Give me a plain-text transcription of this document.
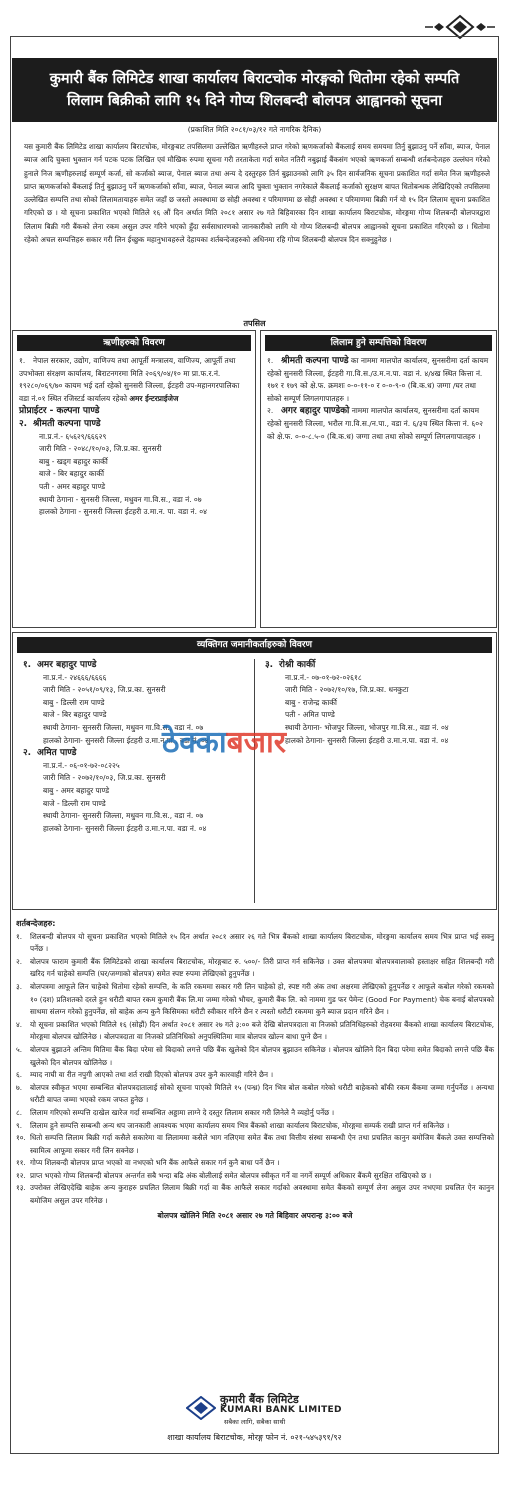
कुमारी बैंक लिमिटेड शाखा कार्यालय बिराटचोक मोरङ्गको धितोमा रहेको सम्पति
लिलाम बिक्रीको लागि १५ दिने गोप्य शिलबन्दी बोलपत्र आह्वानको सूचना
(प्रकाशित मिति २०८१/०३/१२ गते नागरिक दैनिक)
यस कुमारी बैंक लिमिटेड शाखा कार्यालय बिराटचोक, मोरङ्गबाट तपसिलमा उल्लेखित ऋणीहरुले प्राप्त गरेको ऋणकर्जाको बैंकलाई समय समयमा तिर्नु बुझाउनु पर्ने साँवा, ब्याज, पेनाल ब्याज आदि चुक्ता भुक्तान गर्न पटक पटक लिखित एवं मौखिक रुपमा सूचना गरी तरताकेता गर्दा समेत नतिरी नबुझाई बैंकसंग भएको ऋणकर्जा सम्बन्धी शर्तबन्देजहरु उल्लंघन गरेको हुनाले निज ऋणीहरुलाई सम्पूर्ण कर्जा, सो कर्जाको ब्याज, पेनाल ब्याज तथा अन्य दे दस्तुरहरु तिर्न बुझाउनको लागि ३५ दिन सार्वजनिक सूचना प्रकाशित गर्दा समेत निज ऋणीहरुले प्राप्त ऋणकर्जाको बैंकलाई तिर्नु बुझाउनु पर्ने ऋणकर्जाको साँवा, ब्याज, पेनाल ब्याज आदि चुक्ता भुक्तान नगरेकाले बैंकलाई कर्जाको सुरक्षण बापत धितोबन्धक लेखिदिएको तपसिलमा उल्लेखित सम्पत्ति तथा सोको लिलामतायाहरु समेत जहाँ छ जस्तो अवस्थामा छ सोही अवस्था र परिमाणमा छ सोही अवस्था र परिमाणमा बिक्री गर्न यो १५ दिन लिलाम सूचना प्रकाशित गरिएको छ । यो सूचना प्रकाशित भएको मितिले १६ औं दिन अर्थात मिति २०८१ असार २७ गते बिहिवारका दिन शाखा कार्यालय बिराटचोक, मोरङ्गमा गोप्य शिलबन्दी बोलपत्रद्वारा लिलाम बिक्री गरी बैंकको लेना रकम असुल उपर गरिने भएको हुँदा सर्वसाधारणको जानकारीको लागि यो गोप्य शिलबन्दी बोलपत्र आह्वानको सूचना प्रकाशित गरिएको छ । धितोमा रहेको अचल सम्पत्तिहरु सकार गरी लिन ईच्छुक महानुभावहरुले देहायका शर्तबन्देजहरुको अधिनमा रहि गोप्य शिलबन्दी बोलपत्र दिन सक्नुहुनेछ ।
तपसिल
ऋणीहरुको विवरण
१. नेपाल सरकार, उद्योग, वाणिज्य तथा आपूर्ती मन्त्रालय, वाणिज्य, आपूर्ती तथा उपभोक्ता संरक्षण कार्यालय, बिराटनगरमा मिति २०६९/०४/१० मा प्रा.फ.र.नं. १९२८०/०६९/७० कायम भई दर्ता रहेको सुनसरी जिल्ला, ईटहरी उप-महानगरपालिका वडा नं.०१ स्थित रजिस्टर्ड कार्यालय रहेको अमर ईन्टरप्राईजेज
प्रोप्राईटर - कल्पना पाण्डे
२. श्रीमती कल्पना पाण्डे
ना.प्र.नं.- ६५६२९/६६६२९
जारी मिति - २०४८/१०/०३, जि.प्र.का. सुनसरी
बाबु - खड्ग बहादुर कार्की
बाजे - बिर बहादुर कार्की
पती - अमर बहादुर पाण्डे
स्थायी ठेगाना - सुनसरी जिल्ला, मधुवन गा.वि.स., वडा नं. ०७
हालको ठेगाना - सुनसरी जिल्ला ईटहरी उ.मा.न. पा. वडा नं. ०४
लिलाम हुने सम्पत्तिको विवरण
१. श्रीमती कल्पना पाण्डे का नाममा मालपोत कार्यालय, सुनसरीमा दर्ता कायम रहेको सुनसरी जिल्ला, ईटहरी गा.वि.स./उ.म.न.पा. वडा नं. ४/४ख स्थित कित्ता नं. १७१ र १७९ को क्षे.फ. क्रमशः ०-०-११-० र ०-०-९-० (बि.क.ध) जग्गा /घर तथा सोको सम्पूर्ण लिगलगापातहरु ।
२. अगर बहादुर पाण्डेको नाममा मालपोत कार्यालय, सुनसरीमा दर्ता कायम रहेको सुनसरी जिल्ला, भरौल गा.वि.स./न.पा., वडा नं. ६/३च स्थित कित्ता नं. ६०२ को क्षे.फ. ०-०-८.५-० (बि.क.ध) जग्गा तथा तथा सोको सम्पूर्ण लिगलगापातहरु ।
व्यक्तिगत जमानीकर्ताहरुको विवरण
१. अमर बहादुर पाण्डे
ना.प्र.नं.- २४६६६/६६६६
जारी मिति - २०५१/०९/१३, जि.प्र.का. सुनसरी
बाबु - डिल्ली राम पाण्डे
बाजे - बिर बहादुर पाण्डे
स्थायी ठेगाना- सुनसरी जिल्ला, मधुवन गा.वि.स., वडा नं. ०७
हालको ठेगाना- सुनसरी जिल्ला ईटहरी उ.मा.न.पा., वडा नं. ०४
२. अमित पाण्डे
ना.प्र.नं.- ०६-०१-७२-०८२२५
जारी मिति - २०७२/१०/०३, जि.प्र.का. सुनसरी
बाबु - अमर बहादुर पाण्डे
बाजे - डिल्ली राम पाण्डे
स्थायी ठेगाना- सुनसरी जिल्ला, मधुवन गा.वि.स., वडा नं. ०७
हालको ठेगाना- सुनसरी जिल्ला ईटहरी उ.मा.न.पा. वडा नं. ०४
३. रोश्नी कार्की
ना.प्र.नं.- ०७-०१-७२-०२६१८
जारी मिति - २०७२/१०/१७, जि.प्र.का. धनकुटा
बाबु - राजेन्द्र कार्की
पती - अमित पाण्डे
स्थायी ठेगाना- भोजपुर जिल्ला, भोजपुर गा.वि.स., वडा नं. ०४
हालको ठेगाना- सुनसरी जिल्ला ईटहरी उ.मा.न.पा. वडा नं. ०४
ठेक्काबजार
शर्तबन्देजहरु:
१.	शिलबन्दी बोलपत्र यो सूचना प्रकाशित भएको मितिले १५ दिन अर्थात २०८१ असार २६ गते भित्र बैंकको शाखा कार्यालय बिराटचोक, मोरङ्गमा कार्यालय समय भित्र प्राप्त भई सक्नु पर्नेछ ।
२.	बोलपत्र फाराम कुमारी बैंक लिमिटेडको शाखा कार्यालय बिराटचोक, मोरङ्गबाट रु. ५००/- तिरी प्राप्त गर्न सकिनेछ । उक्त बोलपत्रमा बोलपत्रवालाको हस्ताक्षर सहित शिलबन्दी गरी खरिद गर्न चाहेको सम्पत्ति (घर/जग्गाको बोलपत्र) समेत स्पष्ट रुपमा लेखिएको हुनुपर्नेछ ।
३.	बोलपत्रमा आफूले लिन चाहेको धितोमा रहेको सम्पत्ति, के कति रकममा सकार गरी लिन चाहेको हो, स्पष्ट गरी अंक तथा अक्षरमा लेखिएको हुनुपर्नेछ र आफूले कबोल गरेको रकमको १० (दश) प्रतिशतको दरले हुन धरौटी बापत रकम कुमारी बैंक लि.मा जम्मा गरेको भौचर, कुमारी बैंक लि. को नाममा गुड फर पेमेन्ट (Good For Payment) चेक बनाई बोलपत्रको साथमा संलग्न गरेको हुनुपर्नेछ, सो बाहेक अन्य कुनै किसिमका धरौटी स्वीकार गरिने छैन र त्यस्तो धरौटी रकममा कुनै ब्याज प्रदान गरिने छैन ।
४.	यो सूचना प्रकाशित भएको मितिले १६ (सोह्रौं) दिन अर्थात २०८१ असार २७ गते ३:०० बजे देखि बोलपत्रदाता वा निजको प्रतिनिधिहरुको रोहवरमा बैंकको शाखा कार्यालय बिराटचोक, मोरङ्गमा बोलपत्र खोलिनेछ । बोलपत्रदाता वा निजको प्रतिनिधिको अनुपस्थितिमा मात्र बोलपत्र खोल्न बाधा पुग्ने छैन ।
५.	बोलपत्र बुझाउने अन्तिम मितिमा बैंक बिदा परेमा सो बिदाको लगत्ते पछि बैंक खुलेको दिन बोलपत्र बुझाउन सकिनेछ । बोलपत्र खोलिने दिन बिदा परेमा समेत बिदाको लगत्ते पछि बैंक खुलेको दिन बोलपत्र खोलिनेछ ।
६.	म्याद नाघी वा रीत नपुगी आएको तथा शर्त राखी दिएको बोलपत्र उपर कुनै कारवाही गरिने छैन ।
७.	बोलपत्र स्वीकृत भएमा सम्बन्धित बोलपत्रदातालाई सोको सूचना पाएको मितिले १५ (पन्ध्र) दिन भित्र बोल कबोल गरेको धरौटी बाहेकको बाँकी रकम बैंकमा जम्मा गर्नुपर्नेछ । अन्यथा धरौटी बापत जम्मा भएको रकम जफत हुनेछ ।
८.	लिलाम गरिएको सम्पत्ति दाखेल खारेज गर्दा सम्बन्धित अड्डामा लाग्ने दे दस्तुर लिलाम सकार गरी लिनेले नै व्यहोर्नु पर्नेछ ।
९.	लिलाम हुने सम्पत्ति सम्बन्धी अन्य थप जानकारी आवश्यक भएमा कार्यालय समय भित्र बैंकको शाखा कार्यालय बिराटचोक, मोरङ्गमा सम्पर्क राखी प्राप्त गर्न सकिनेछ ।
१०. धितो सम्पत्ति लिलाम बिक्री गर्दा कसैले सकारेमा वा लिलाममा कसैले भाग नलिएमा समेत बैंक तथा वित्तीय संस्था सम्बन्धी ऐन तथा प्रचलित कानुन बमोजिम बैंकले उक्त सम्पत्तिको स्वामित्व आफूमा सकार गरी लिन सक्नेछ ।
११. गोप्य शिलबन्दी बोलपत्र प्राप्त भएको वा नभएको भनि बैंक आफैले सकार गर्न कुनै बाधा पर्ने छैन ।
१२. प्राप्त भएको गोप्य शिलबन्दी बोलपत्र अन्तर्गत सबै भन्दा बढि अंक बोलीलाई समेत बोलपत्र स्वीकृत गर्ने वा नगर्ने सम्पूर्ण अधिकार बैंकमै सुरक्षित राखिएको छ ।
१३. उपरोक्त लेखिएदेखि बाहेक अन्य कुराहरु प्रचलित लिलाम बिक्री गर्दा वा बैंक आफैले सकार गर्दाको अवस्थामा समेत बैंकको सम्पूर्ण लेना असुल उपर नभएमा प्रचलित ऐन कानुन बमोजिम असुल उपर गरिनेछ ।
बोलपत्र खोलिने मिति २०८१ असार २७ गते बिहिवार अपरान्ह ३:०० बजे
कुमारी बैंक लिमिटेड
KUMARI BANK LIMITED
सबैका लागि, सबैका साथी
शाखा कार्यालय बिराटचोक, मोरङ्ग फोन नं. ०२१-५४५३९१/९२
